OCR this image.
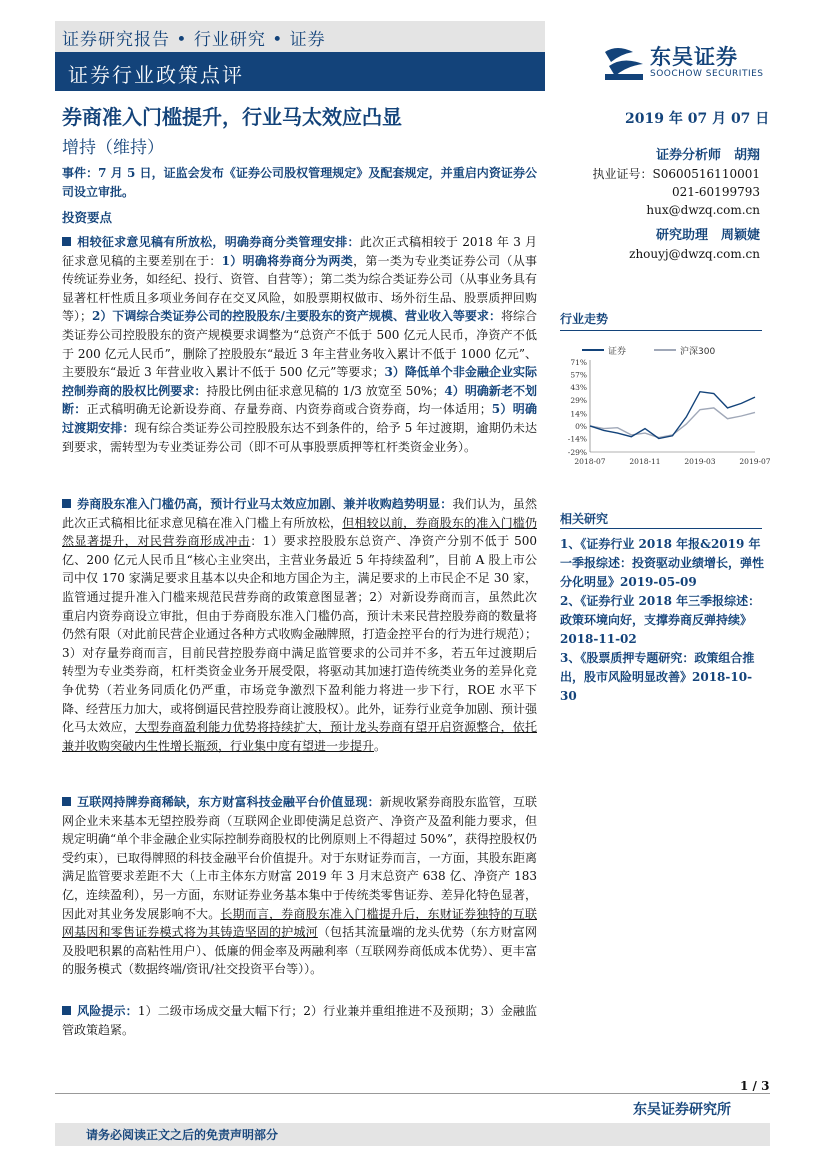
证券研究报告 • 行业研究 • 证券
证券行业政策点评
东吴证券
SOOCHOW SECURITIES
券商准入门槛提升，行业马太效应凸显
增持（维持）
2019 年 07 月 07 日
事件：7 月 5 日，证监会发布《证券公司股权管理规定》及配套规定，并重启内资证券公司设立审批。
投资要点
相较征求意见稿有所放松，明确券商分类管理安排：此次正式稿相较于 2018 年 3 月征求意见稿的主要差别在于：1）明确将券商分为两类，第一类为专业类证券公司（从事传统证券业务，如经纪、投行、资管、自营等）；第二类为综合类证券公司（从事业务具有显著杠杆性质且多项业务间存在交叉风险，如股票期权做市、场外衍生品、股票质押回购等）；2）下调综合类证券公司的控股股东/主要股东的资产规模、营业收入等要求：将综合类证券公司控股股东的资产规模要求调整为“总资产不低于 500 亿元人民币，净资产不低于 200 亿元人民币”，删除了控股股东“最近 3 年主营业务收入累计不低于 1000 亿元”、主要股东“最近 3 年营业收入累计不低于 500 亿元”等要求；3）降低单个非金融企业实际控制券商的股权比例要求：持股比例由征求意见稿的 1/3 放宽至 50%；4）明确新老不划断：正式稿明确无论新设券商、存量券商、内资券商或合资券商，均一体适用；5）明确过渡期安排：现有综合类证券公司控股股东达不到条件的，给予 5 年过渡期，逾期仍未达到要求，需转型为专业类证券公司（即不可从事股票质押等杠杆类资金业务）。
券商股东准入门槛仍高，预计行业马太效应加剧、兼并收购趋势明显：我们认为，虽然此次正式稿相比征求意见稿在准入门槛上有所放松，但相较以前，券商股东的准入门槛仍然显著提升，对民营券商形成冲击：1）要求控股股东总资产、净资产分别不低于 500 亿、200 亿元人民币且“核心主业突出，主营业务最近 5 年持续盈利”，目前 A 股上市公司中仅 170 家满足要求且基本以央企和地方国企为主，满足要求的上市民企不足 30 家，监管通过提升准入门槛来规范民营券商的政策意图显著；2）对新设券商而言，虽然此次重启内资券商设立审批，但由于券商股东准入门槛仍高，预计未来民营控股券商的数量将仍然有限（对此前民营企业通过各种方式收购金融牌照，打造金控平台的行为进行规范）；3）对存量券商而言，目前民营控股券商中满足监管要求的公司并不多，若五年过渡期后转型为专业类券商，杠杆类资金业务开展受限，将驱动其加速打造传统类业务的差异化竞争优势（若业务同质化仍严重，市场竞争激烈下盈利能力将进一步下行，ROE 水平下降、经营压力加大，或将倒逼民营控股券商让渡股权）。此外，证券行业竞争加剧、预计强化马太效应，大型券商盈利能力优势将持续扩大，预计龙头券商有望开启资源整合，依托兼并收购突破内生性增长瓶颈，行业集中度有望进一步提升。
互联网持牌券商稀缺，东方财富科技金融平台价值显现：新规收紧券商股东监管，互联网企业未来基本无望控股券商（互联网企业即使满足总资产、净资产及盈利能力要求，但规定明确“单个非金融企业实际控制券商股权的比例原则上不得超过 50%”，获得控股权仍受约束），已取得牌照的科技金融平台价值提升。对于东财证券而言，一方面，其股东距离满足监管要求差距不大（上市主体东方财富 2019 年 3 月末总资产 638 亿、净资产 183 亿，连续盈利），另一方面，东财证券业务基本集中于传统类零售证券、差异化特色显著，因此对其业务发展影响不大。长期而言，券商股东准入门槛提升后，东财证券独特的互联网基因和零售证券模式将为其铸造坚固的护城河（包括其流量端的龙头优势（东方财富网及股吧积累的高粘性用户）、低廉的佣金率及两融利率（互联网券商低成本优势）、更丰富的服务模式（数据终端/资讯/社交投资平台等））。
风险提示：1）二级市场成交量大幅下行；2）行业兼并重组推进不及预期；3）金融监管政策趋紧。
证券分析师　胡翔
执业证号：S0600516110001
021-60199793
hux@dwzq.com.cn
研究助理　周颖婕
zhouyj@dwzq.com.cn
行业走势
证券	沪深300
71%
57%
43%
29%
14%
0%
-14%
-29%
2018-07	2018-11	2019-03	2019-07
相关研究
1、《证券行业 2018 年报&2019 年一季报综述：投资驱动业绩增长，弹性分化明显》2019-05-09
2、《证券行业 2018 年三季报综述：政策环境向好，支撑券商反弹持续》2018-11-02
3、《股票质押专题研究：政策组合推出，股市风险明显改善》2018-10-30
1 / 3
东吴证券研究所
请务必阅读正文之后的免责声明部分
